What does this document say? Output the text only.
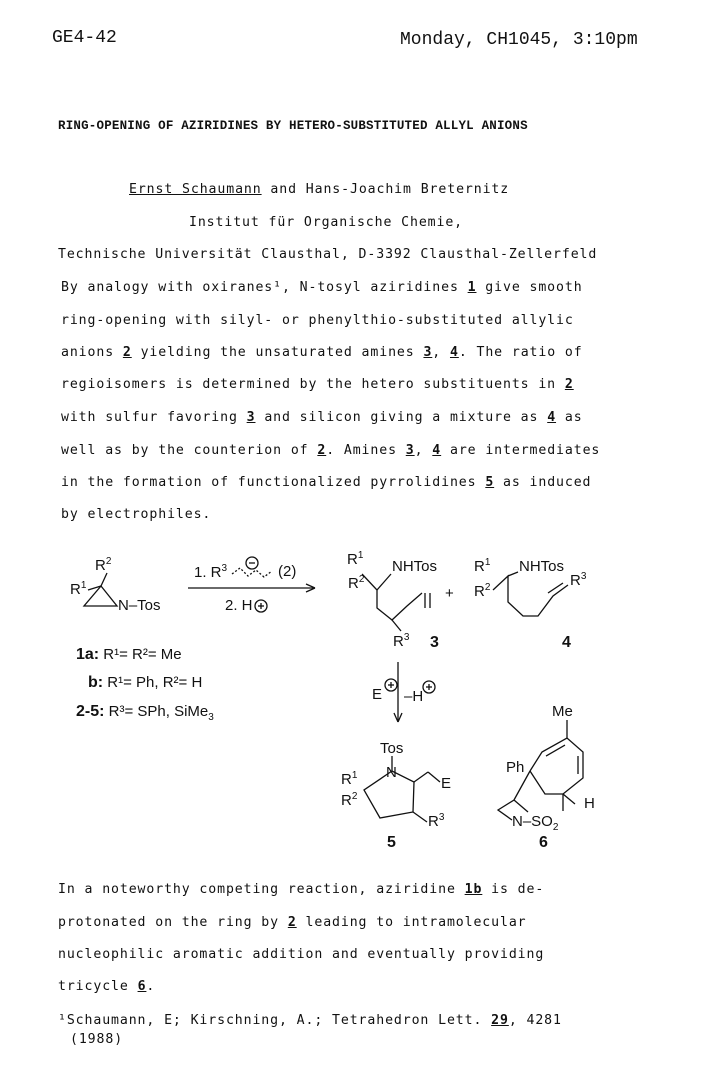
GE4-42	Monday, CH1045, 3:10pm
RING-OPENING OF AZIRIDINES BY HETERO-SUBSTITUTED ALLYL ANIONS
Ernst Schaumann and Hans-Joachim Breternitz
Institut für Organische Chemie,
Technische Universität Clausthal, D-3392 Clausthal-Zellerfeld
By analogy with oxiranes¹, N-tosyl aziridines 1 give smooth
ring-opening with silyl- or phenylthio-substituted allylic
anions 2 yielding the unsaturated amines 3, 4. The ratio of
regioisomers is determined by the hetero substituents in 2
with sulfur favoring 3 and silicon giving a mixture as 4 as
well as by the counterion of 2. Amines 3, 4 are intermediates
in the formation of functionalized pyrrolidines 5 as induced
by electrophiles.
$R^2$
$R^1$
N–Tos
1. $R^3$	(2)
2. H
$R^1$
$R^2$
NHTos
$R^3$ 3
+
$R^1$
$R^2$
NHTos
$R^3$
4
E –H
1a: R¹= R²= Me
b: R¹= Ph, R²= H
2-5: R³= SPh, SiMe$_3$
Tos
N
E
$R^1$
$R^2$
$R^3$
5
Me
Ph
H
$N-SO_2$
6
In a noteworthy competing reaction, aziridine 1b is de-
protonated on the ring by 2 leading to intramolecular
nucleophilic aromatic addition and eventually providing
tricycle 6.
¹Schaumann, E; Kirschning, A.; Tetrahedron Lett. 29, 4281
(1988)
